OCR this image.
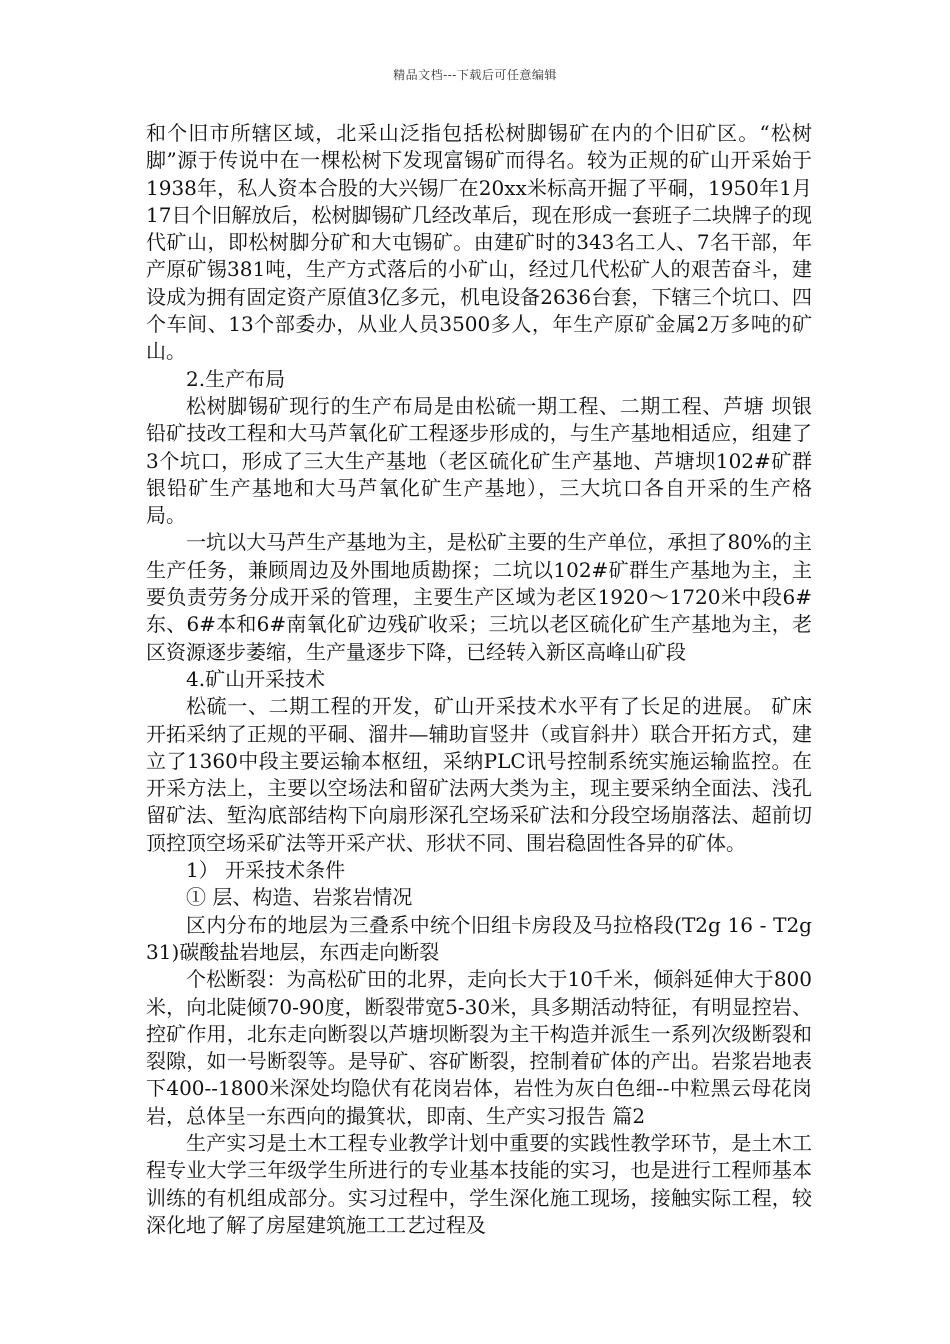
精品文档---下载后可任意编辑

和个旧市所辖区域，北采山泛指包括松树脚锡矿在内的个旧矿区。“松树脚”源于传说中在一棵松树下发现富锡矿而得名。较为正规的矿山开采始于1938年，私人资本合股的大兴锡厂在20xx米标高开掘了平硐，1950年1月17日个旧解放后，松树脚锡矿几经改革后，现在形成一套班子二块牌子的现代矿山，即松树脚分矿和大屯锡矿。由建矿时的343名工人、7名干部，年产原矿锡381吨，生产方式落后的小矿山，经过几代松矿人的艰苦奋斗，建设成为拥有固定资产原值3亿多元，机电设备2636台套，下辖三个坑口、四个车间、13个部委办，从业人员3500多人，年生产原矿金属2万多吨的矿山。

2.生产布局

松树脚锡矿现行的生产布局是由松硫一期工程、二期工程、芦塘 坝银铅矿技改工程和大马芦氧化矿工程逐步形成的，与生产基地相适应，组建了3个坑口，形成了三大生产基地（老区硫化矿生产基地、芦塘坝102#矿群银铅矿生产基地和大马芦氧化矿生产基地），三大坑口各自开采的生产格局。

一坑以大马芦生产基地为主，是松矿主要的生产单位，承担了80%的主生产任务，兼顾周边及外围地质勘探；二坑以102#矿群生产基地为主，主要负责劳务分成开采的管理，主要生产区域为老区1920～1720米中段6#东、6#本和6#南氧化矿边残矿收采；三坑以老区硫化矿生产基地为主，老区资源逐步萎缩，生产量逐步下降，已经转入新区高峰山矿段

4.矿山开采技术

松硫一、二期工程的开发，矿山开采技术水平有了长足的进展。 矿床开拓采纳了正规的平硐、溜井—辅助盲竖井（或盲斜井）联合开拓方式，建立了1360中段主要运输本枢纽，采纳PLC讯号控制系统实施运输监控。在开采方法上，主要以空场法和留矿法两大类为主，现主要采纳全面法、浅孔留矿法、堑沟底部结构下向扇形深孔空场采矿法和分段空场崩落法、超前切顶控顶空场采矿法等开采产状、形状不同、围岩稳固性各异的矿体。

1） 开采技术条件

① 层、构造、岩浆岩情况

区内分布的地层为三叠系中统个旧组卡房段及马拉格段(T2g 16 - T2g 31)碳酸盐岩地层，东西走向断裂

个松断裂：为高松矿田的北界，走向长大于10千米，倾斜延伸大于800米，向北陡倾70-90度，断裂带宽5-30米，具多期活动特征，有明显控岩、控矿作用，北东走向断裂以芦塘坝断裂为主干构造并派生一系列次级断裂和裂隙，如一号断裂等。是导矿、容矿断裂，控制着矿体的产出。岩浆岩地表下400--1800米深处均隐伏有花岗岩体，岩性为灰白色细--中粒黑云母花岗岩，总体呈一东西向的撮箕状，即南、生产实习报告 篇2

生产实习是土木工程专业教学计划中重要的实践性教学环节，是土木工程专业大学三年级学生所进行的专业基本技能的实习，也是进行工程师基本训练的有机组成部分。实习过程中，学生深化施工现场，接触实际工程，较深化地了解了房屋建筑施工工艺过程及
